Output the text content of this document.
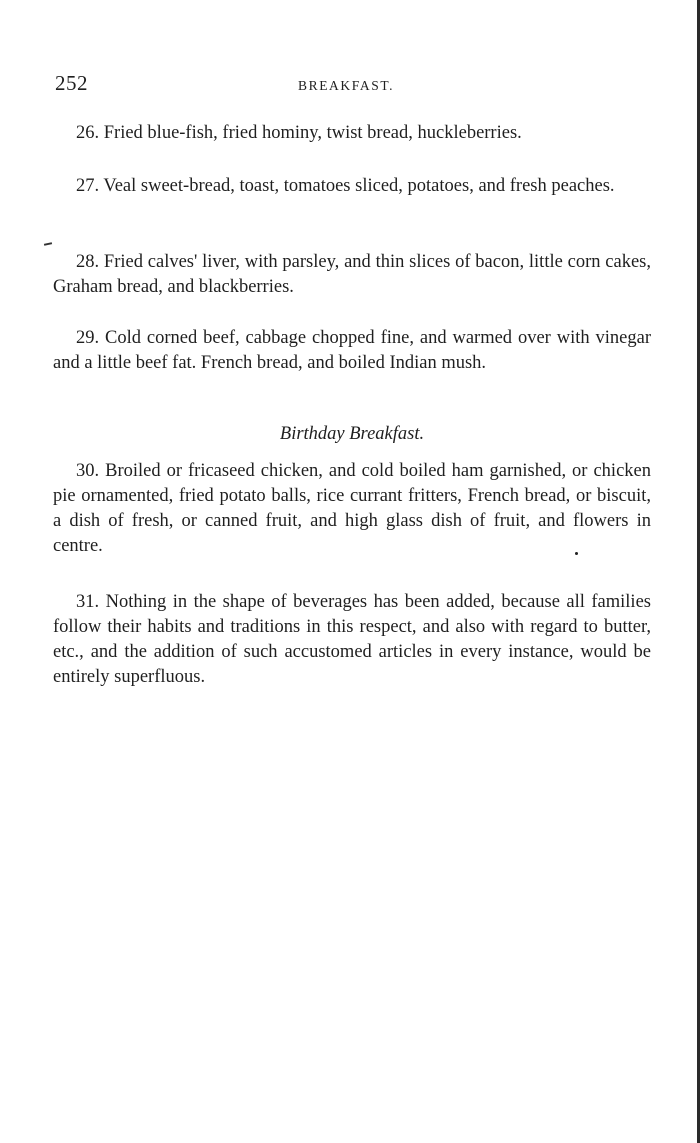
252	BREAKFAST.

26. Fried blue-fish, fried hominy, twist bread, huckleberries.

27. Veal sweet-bread, toast, tomatoes sliced, potatoes, and fresh peaches.

28. Fried calves' liver, with parsley, and thin slices of bacon, little corn cakes, Graham bread, and blackberries.

29. Cold corned beef, cabbage chopped fine, and warmed over with vinegar and a little beef fat. French bread, and boiled Indian mush.

Birthday Breakfast.

30. Broiled or fricaseed chicken, and cold boiled ham garnished, or chicken pie ornamented, fried potato balls, rice currant fritters, French bread, or biscuit, a dish of fresh, or canned fruit, and high glass dish of fruit, and flowers in centre.

31. Nothing in the shape of beverages has been added, because all families follow their habits and traditions in this respect, and also with regard to butter, etc., and the addition of such accustomed articles in every instance, would be entirely superfluous.
